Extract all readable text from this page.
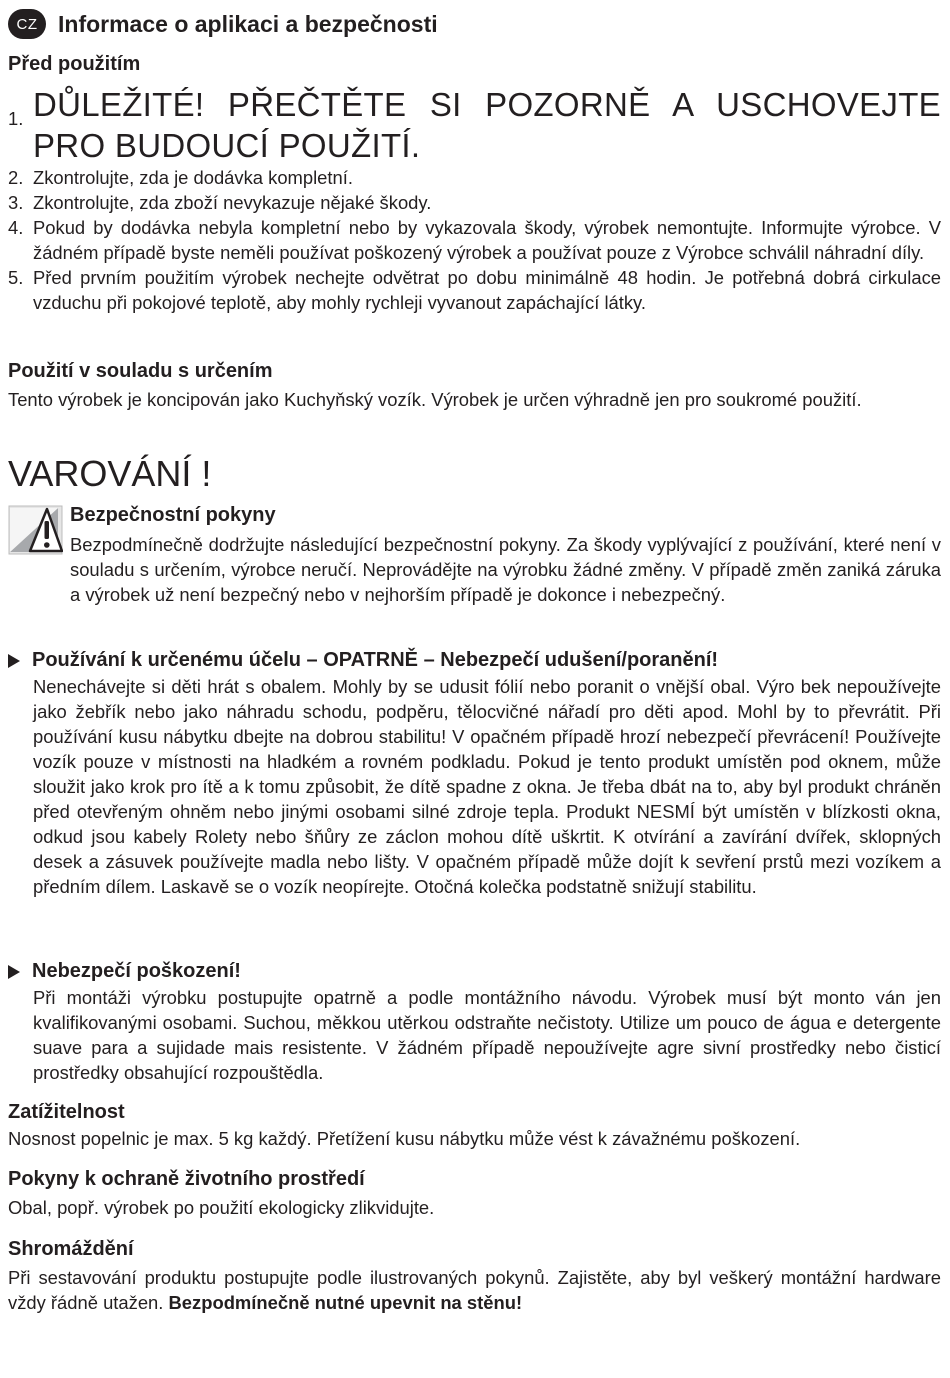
CZ Informace o aplikaci a bezpečnosti
Před použitím
1. DŮLEŽITÉ! PŘEČTĚTE SI POZORNĚ A USCHOVEJTE
PRO BUDOUCÍ POUŽITÍ.
2. Zkontrolujte, zda je dodávka kompletní.
3. Zkontrolujte, zda zboží nevykazuje nějaké škody.
4. Pokud by dodávka nebyla kompletní nebo by vykazovala škody, výrobek nemontujte. Informujte výrobce. V žádném případě byste neměli používat poškozený výrobek a používat pouze z Výrobce schválil náhradní díly.
5. Před prvním použitím výrobek nechejte odvětrat po dobu minimálně 48 hodin. Je potřebná dobrá cirkulace vzduchu při pokojové teplotě, aby mohly rychleji vyvanout zapáchající látky.
Použití v souladu s určením
Tento výrobek je koncipován jako Kuchyňský vozík. Výrobek je určen výhradně jen pro soukromé použití.
VAROVÁNÍ !
Bezpečnostní pokyny
Bezpodmínečně dodržujte následující bezpečnostní pokyny. Za škody vyplývající z používání, které není v souladu s určením, výrobce neručí. Neprovádějte na výrobku žádné změny. V případě změn zaniká záruka a výrobek už není bezpečný nebo v nejhorším případě je dokonce i nebezpečný.
Používání k určenému účelu – OPATRNĚ – Nebezpečí udušení/poranění!
Nenechávejte si děti hrát s obalem. Mohly by se udusit fólií nebo poranit o vnější obal. Výro bek nepoužívejte jako žebřík nebo jako náhradu schodu, podpěru, tělocvičné nářadí pro děti apod. Mohl by to převrátit. Při používání kusu nábytku dbejte na dobrou stabilitu! V opačném případě hrozí nebezpečí převrácení! Používejte vozík pouze v místnosti na hladkém a rovném podkladu. Pokud je tento produkt umístěn pod oknem, může sloužit jako krok pro ítě a k tomu způsobit, že dítě spadne z okna. Je třeba dbát na to, aby byl produkt chráněn před otevřeným ohněm nebo jinými osobami silné zdroje tepla. Produkt NESMÍ být umístěn v blízkosti okna, odkud jsou kabely Rolety nebo šňůry ze záclon mohou dítě uškrtit. K otvírání a zavírání dvířek, sklopných desek a zásuvek používejte madla nebo lišty. V opačném případě může dojít k sevření prstů mezi vozíkem a předním dílem. Laskavě se o vozík neopírejte. Otočná kolečka podstatně snižují stabilitu.
Nebezpečí poškození!
Při montáži výrobku postupujte opatrně a podle montážního návodu. Výrobek musí být monto ván jen kvalifikovanými osobami. Suchou, měkkou utěrkou odstraňte nečistoty. Utilize um pouco de água e detergente suave para a sujidade mais resistente. V žádném případě nepoužívejte agre sivní prostředky nebo čisticí prostředky obsahující rozpouštědla.
Zatížitelnost
Nosnost popelnic je max. 5 kg každý. Přetížení kusu nábytku může vést k závažnému poškození.
Pokyny k ochraně životního prostředí
Obal, popř. výrobek po použití ekologicky zlikvidujte.
Shromáždění
Při sestavování produktu postupujte podle ilustrovaných pokynů. Zajistěte, aby byl veškerý montážní hardware vždy řádně utažen. Bezpodmínečně nutné upevnit na stěnu!
